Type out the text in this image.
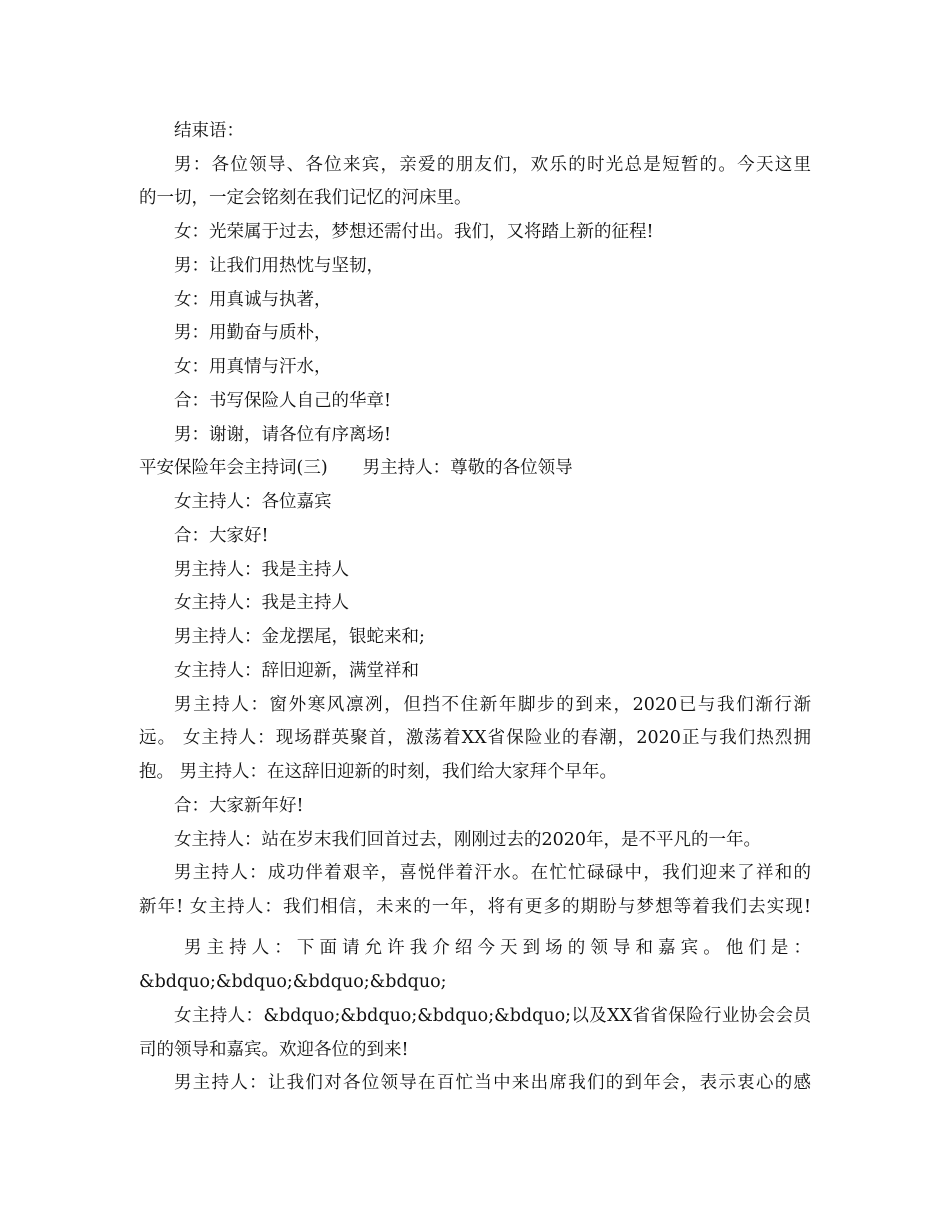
结束语：
男：各位领导、各位来宾，亲爱的朋友们，欢乐的时光总是短暂的。今天这里
的一切，一定会铭刻在我们记忆的河床里。
女：光荣属于过去，梦想还需付出。我们，又将踏上新的征程!
男：让我们用热忱与坚韧，
女：用真诚与执著，
男：用勤奋与质朴，
女：用真情与汗水，
合：书写保险人自己的华章!
男：谢谢，请各位有序离场!
平安保险年会主持词(三)　　男主持人：尊敬的各位领导
女主持人：各位嘉宾
合：大家好!
男主持人：我是主持人
女主持人：我是主持人
男主持人：金龙摆尾，银蛇来和;
女主持人：辞旧迎新，满堂祥和
男主持人：窗外寒风凛冽，但挡不住新年脚步的到来，2020已与我们渐行渐
远。 女主持人：现场群英聚首，激荡着XX省保险业的春潮，2020正与我们热烈拥
抱。 男主持人：在这辞旧迎新的时刻，我们给大家拜个早年。
合：大家新年好!
女主持人：站在岁末我们回首过去，刚刚过去的2020年，是不平凡的一年。
男主持人：成功伴着艰辛，喜悦伴着汗水。在忙忙碌碌中，我们迎来了祥和的
新年! 女主持人：我们相信，未来的一年，将有更多的期盼与梦想等着我们去实现!
男主持人：下面请允许我介绍今天到场的领导和嘉宾。他们是：
&bdquo;&bdquo;&bdquo;&bdquo;
女主持人：&bdquo;&bdquo;&bdquo;&bdquo;以及XX省省保险行业协会会员
司的领导和嘉宾。欢迎各位的到来!
男主持人：让我们对各位领导在百忙当中来出席我们的到年会，表示衷心的感
